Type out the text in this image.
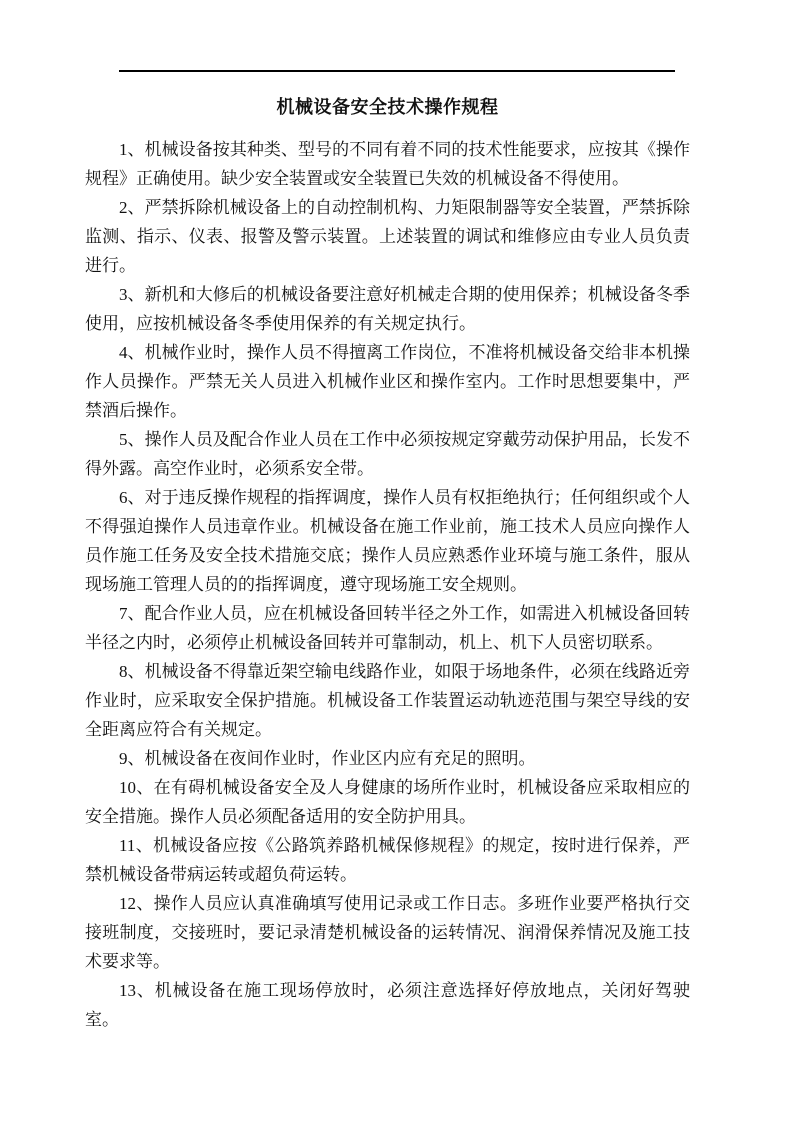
机械设备安全技术操作规程

1、机械设备按其种类、型号的不同有着不同的技术性能要求，应按其《操作规程》正确使用。缺少安全装置或安全装置已失效的机械设备不得使用。

2、严禁拆除机械设备上的自动控制机构、力矩限制器等安全装置，严禁拆除监测、指示、仪表、报警及警示装置。上述装置的调试和维修应由专业人员负责进行。

3、新机和大修后的机械设备要注意好机械走合期的使用保养；机械设备冬季使用，应按机械设备冬季使用保养的有关规定执行。

4、机械作业时，操作人员不得擅离工作岗位，不准将机械设备交给非本机操作人员操作。严禁无关人员进入机械作业区和操作室内。工作时思想要集中，严禁酒后操作。

5、操作人员及配合作业人员在工作中必须按规定穿戴劳动保护用品，长发不得外露。高空作业时，必须系安全带。

6、对于违反操作规程的指挥调度，操作人员有权拒绝执行；任何组织或个人不得强迫操作人员违章作业。机械设备在施工作业前，施工技术人员应向操作人员作施工任务及安全技术措施交底；操作人员应熟悉作业环境与施工条件，服从现场施工管理人员的的指挥调度，遵守现场施工安全规则。

7、配合作业人员，应在机械设备回转半径之外工作，如需进入机械设备回转半径之内时，必须停止机械设备回转并可靠制动，机上、机下人员密切联系。

8、机械设备不得靠近架空输电线路作业，如限于场地条件，必须在线路近旁作业时，应采取安全保护措施。机械设备工作装置运动轨迹范围与架空导线的安全距离应符合有关规定。

9、机械设备在夜间作业时，作业区内应有充足的照明。

10、在有碍机械设备安全及人身健康的场所作业时，机械设备应采取相应的安全措施。操作人员必须配备适用的安全防护用具。

11、机械设备应按《公路筑养路机械保修规程》的规定，按时进行保养，严禁机械设备带病运转或超负荷运转。

12、操作人员应认真准确填写使用记录或工作日志。多班作业要严格执行交接班制度，交接班时，要记录清楚机械设备的运转情况、润滑保养情况及施工技术要求等。

13、机械设备在施工现场停放时，必须注意选择好停放地点，关闭好驾驶室。
